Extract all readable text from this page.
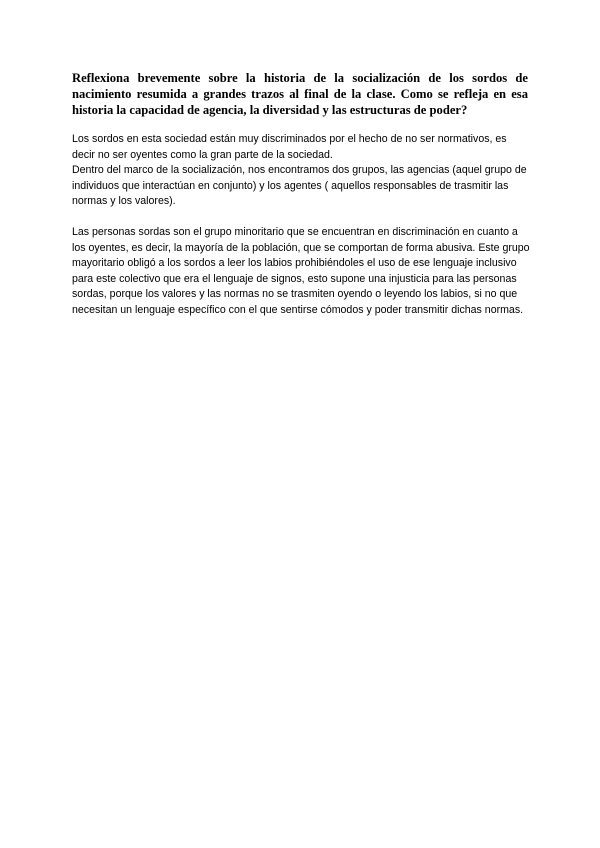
Reflexiona brevemente sobre la historia de la socialización de los sordos de nacimiento resumida a grandes trazos al final de la clase. Como se refleja en esa historia la capacidad de agencia, la diversidad y las estructuras de poder?

Los sordos en esta sociedad están muy discriminados por el hecho de no ser normativos, es decir no ser oyentes como la gran parte de la sociedad.

Dentro del marco de la socialización, nos encontramos dos grupos, las agencias (aquel grupo de individuos que interactúan en conjunto) y los agentes ( aquellos responsables de trasmitir las normas y los valores).

Las personas sordas son el grupo minoritario que se encuentran en discriminación en cuanto a los oyentes, es decir, la mayoría de la población, que se comportan de forma abusiva. Este grupo mayoritario obligó a los sordos a leer los labios prohibiéndoles el uso de ese lenguaje inclusivo para este colectivo que era el lenguaje de signos, esto supone una injusticia para las personas sordas, porque los valores y las normas no se trasmiten oyendo o leyendo los labios, si no que necesitan un lenguaje específico con el que sentirse cómodos y poder transmitir dichas normas.
